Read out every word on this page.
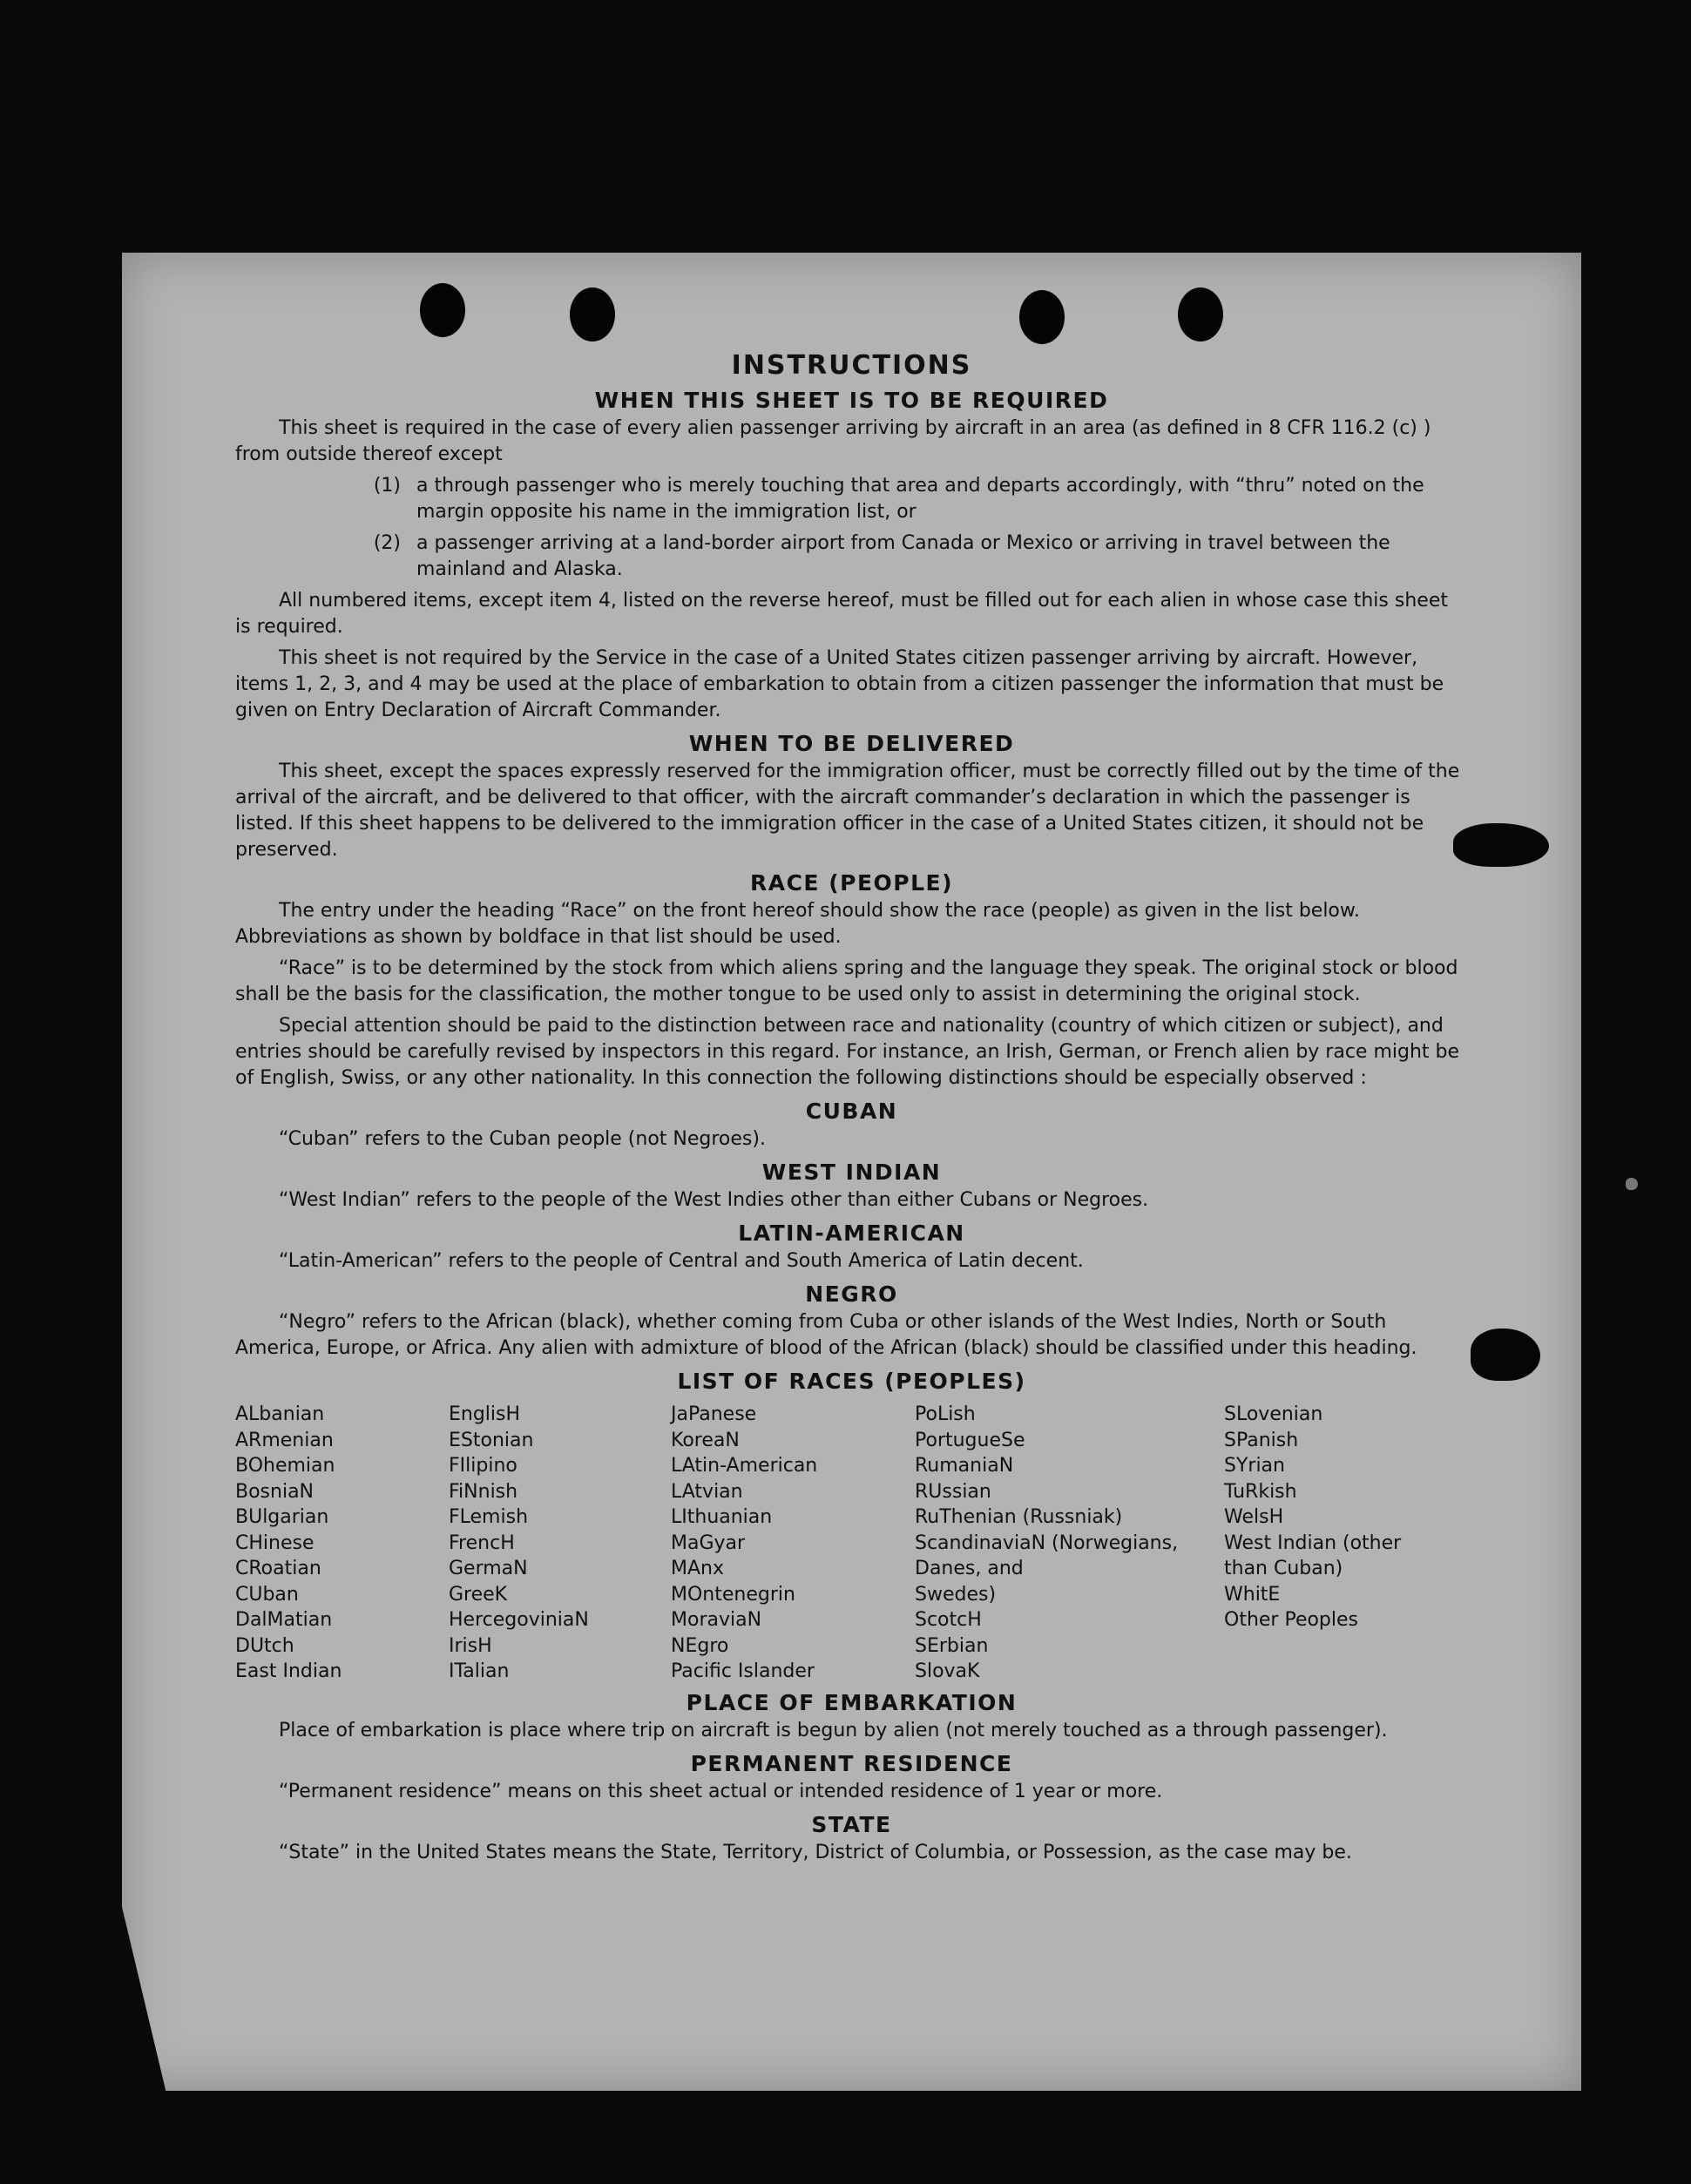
INSTRUCTIONS
WHEN THIS SHEET IS TO BE REQUIRED

This sheet is required in the case of every alien passenger arriving by aircraft in an area (as defined in 8 CFR 116.2 (c) ) from outside thereof except

(1) a through passenger who is merely touching that area and departs accordingly, with “thru” noted on the margin opposite his name in the immigration list, or
(2) a passenger arriving at a land-border airport from Canada or Mexico or arriving in travel between the mainland and Alaska.

All numbered items, except item 4, listed on the reverse hereof, must be filled out for each alien in whose case this sheet is required.

This sheet is not required by the Service in the case of a United States citizen passenger arriving by aircraft. However, items 1, 2, 3, and 4 may be used at the place of embarkation to obtain from a citizen passenger the information that must be given on Entry Declaration of Aircraft Commander.

WHEN TO BE DELIVERED

This sheet, except the spaces expressly reserved for the immigration officer, must be correctly filled out by the time of the arrival of the aircraft, and be delivered to that officer, with the aircraft commander’s declaration in which the passenger is listed. If this sheet happens to be delivered to the immigration officer in the case of a United States citizen, it should not be preserved.

RACE (PEOPLE)

The entry under the heading “Race” on the front hereof should show the race (people) as given in the list below. Abbreviations as shown by boldface in that list should be used.

“Race” is to be determined by the stock from which aliens spring and the language they speak. The original stock or blood shall be the basis for the classification, the mother tongue to be used only to assist in determining the original stock.

Special attention should be paid to the distinction between race and nationality (country of which citizen or subject), and entries should be carefully revised by inspectors in this regard. For instance, an Irish, German, or French alien by race might be of English, Swiss, or any other nationality. In this connection the following distinctions should be especially observed :

CUBAN

“Cuban” refers to the Cuban people (not Negroes).

WEST INDIAN

“West Indian” refers to the people of the West Indies other than either Cubans or Negroes.

LATIN-AMERICAN

“Latin-American” refers to the people of Central and South America of Latin decent.

NEGRO

“Negro” refers to the African (black), whether coming from Cuba or other islands of the West Indies, North or South America, Europe, or Africa. Any alien with admixture of blood of the African (black) should be classified under this heading.

LIST OF RACES (PEOPLES)
ALbanian
ARmenian
BOhemian
BosniaN
BUlgarian
CHinese
CRoatian
CUban
DalMatian
DUtch
East Indian
EnglisH
EStonian
FIlipino
FiNnish
FLemish
FrencH
GermaN
GreeK
HercegoviniaN
IrisH
ITalian
JaPanese
KoreaN
LAtin-American
LAtvian
LIthuanian
MaGyar
MAnx
MOntenegrin
MoraviaN
NEgro
Pacific Islander
PoLish
PortugueSe
RumaniaN
RUssian
RuThenian (Russniak)
ScandinaviaN (Norwegians,
Danes, and
Swedes)
ScotcH
SErbian
SlovaK
SLovenian
SPanish
SYrian
TuRkish
WelsH
West Indian (other
than Cuban)
WhitE
Other Peoples
PLACE OF EMBARKATION

Place of embarkation is place where trip on aircraft is begun by alien (not merely touched as a through passenger).

PERMANENT RESIDENCE

“Permanent residence” means on this sheet actual or intended residence of 1 year or more.

STATE

“State” in the United States means the State, Territory, District of Columbia, or Possession, as the case may be.
